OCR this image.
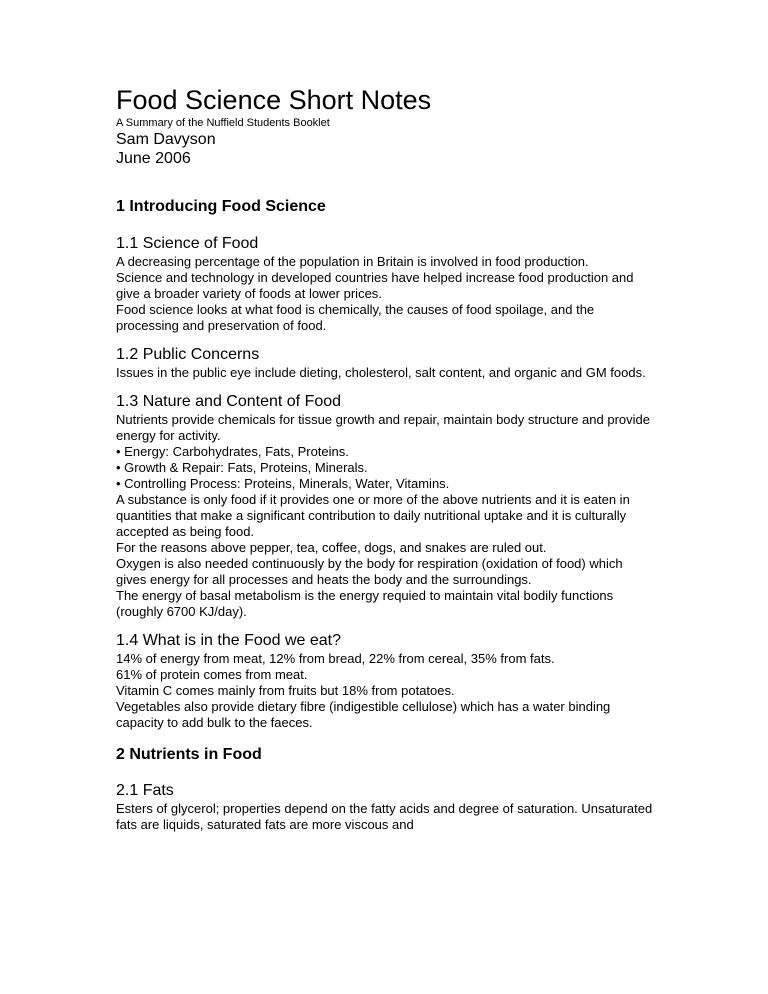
Food Science Short Notes

A Summary of the Nuffield Students Booklet

Sam Davyson

June 2006

1 Introducing Food Science
1.1 Science of Food

A decreasing percentage of the population in Britain is involved in food production.

Science and technology in developed countries have helped increase food production and give a broader variety of foods at lower prices.

Food science looks at what food is chemically, the causes of food spoilage, and the processing and preservation of food.

1.2 Public Concerns

Issues in the public eye include dieting, cholesterol, salt content, and organic and GM foods.

1.3 Nature and Content of Food

Nutrients provide chemicals for tissue growth and repair, maintain body structure and provide energy for activity.

• Energy: Carbohydrates, Fats, Proteins.

• Growth & Repair: Fats, Proteins, Minerals.

• Controlling Process: Proteins, Minerals, Water, Vitamins.

A substance is only food if it provides one or more of the above nutrients and it is eaten in quantities that make a significant contribution to daily nutritional uptake and it is culturally accepted as being food.

For the reasons above pepper, tea, coffee, dogs, and snakes are ruled out.

Oxygen is also needed continuously by the body for respiration (oxidation of food) which gives energy for all processes and heats the body and the surroundings.

The energy of basal metabolism is the energy requied to maintain vital bodily functions (roughly 6700 KJ/day).

1.4 What is in the Food we eat?

14% of energy from meat, 12% from bread, 22% from cereal, 35% from fats.

61% of protein comes from meat.

Vitamin C comes mainly from fruits but 18% from potatoes.

Vegetables also provide dietary fibre (indigestible cellulose) which has a water binding capacity to add bulk to the faeces.

2 Nutrients in Food
2.1 Fats

Esters of glycerol; properties depend on the fatty acids and degree of saturation. Unsaturated fats are liquids, saturated fats are more viscous and
